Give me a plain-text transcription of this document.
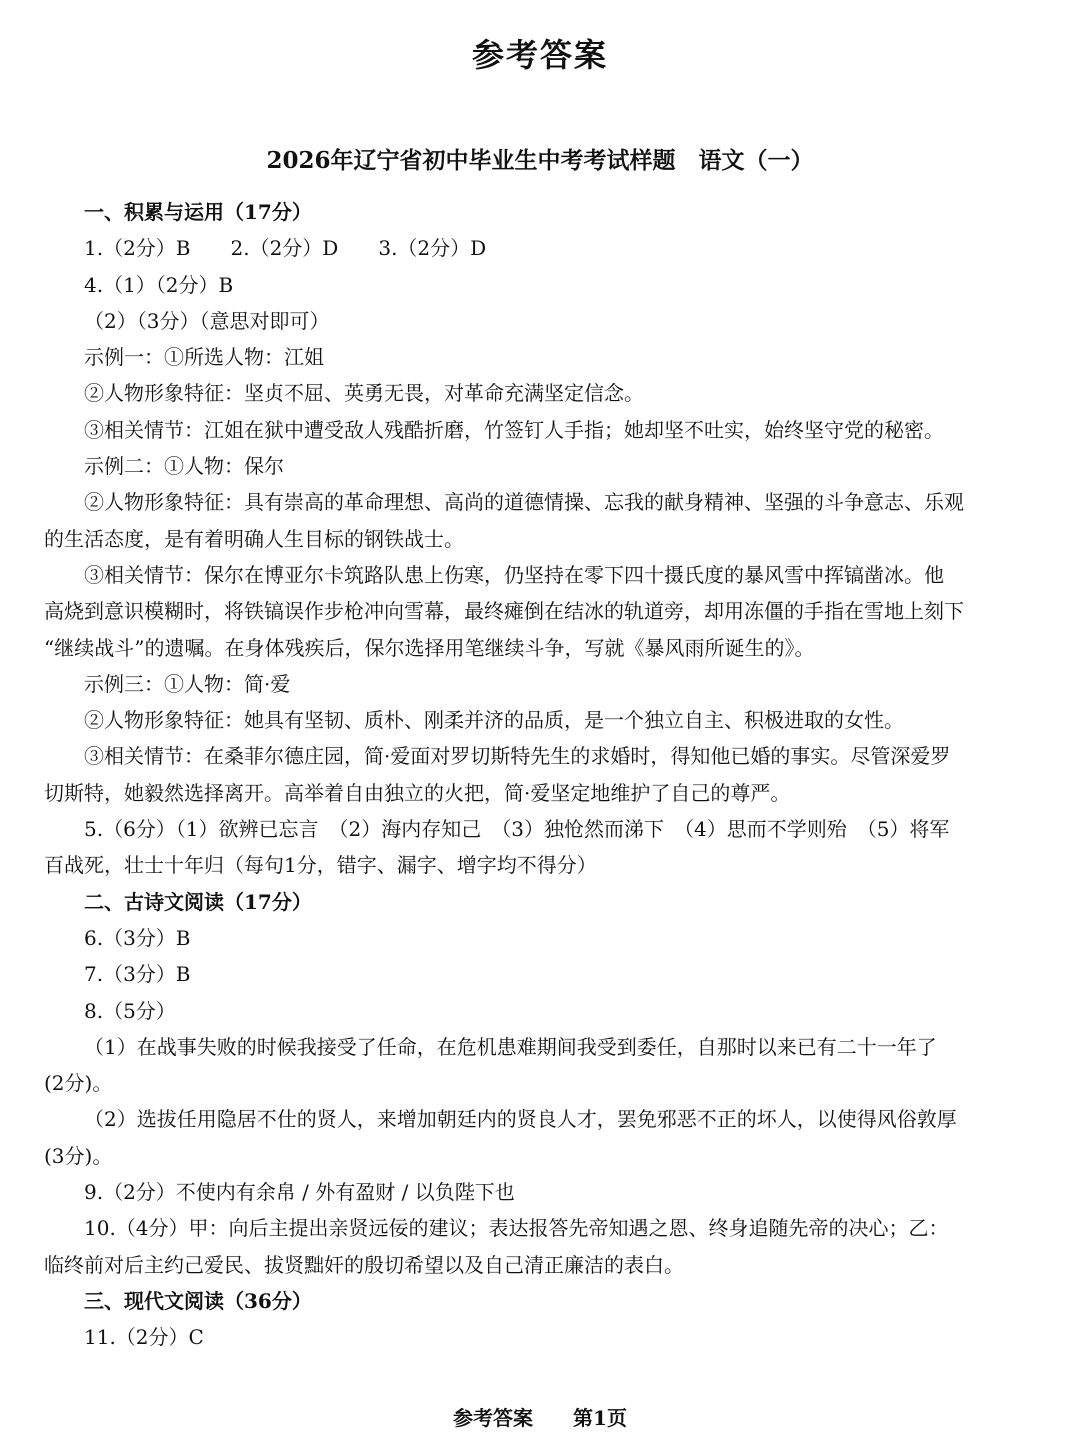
参考答案
2026年辽宁省初中毕业生中考考试样题　语文（一）
一、积累与运用（17分）
1.（2分）B　　2.（2分）D　　3.（2分）D
4.（1）（2分）B
（2）（3分）（意思对即可）
示例一：①所选人物：江姐
②人物形象特征：坚贞不屈、英勇无畏，对革命充满坚定信念。
③相关情节：江姐在狱中遭受敌人残酷折磨，竹签钉人手指；她却坚不吐实，始终坚守党的秘密。
示例二：①人物：保尔
②人物形象特征：具有崇高的革命理想、高尚的道德情操、忘我的献身精神、坚强的斗争意志、乐观
的生活态度，是有着明确人生目标的钢铁战士。
③相关情节：保尔在博亚尔卡筑路队患上伤寒，仍坚持在零下四十摄氏度的暴风雪中挥镐凿冰。他
高烧到意识模糊时，将铁镐误作步枪冲向雪幕，最终瘫倒在结冰的轨道旁，却用冻僵的手指在雪地上刻下
“继续战斗”的遗嘱。在身体残疾后，保尔选择用笔继续斗争，写就《暴风雨所诞生的》。
示例三：①人物：简·爱
②人物形象特征：她具有坚韧、质朴、刚柔并济的品质，是一个独立自主、积极进取的女性。
③相关情节：在桑菲尔德庄园，简·爱面对罗切斯特先生的求婚时，得知他已婚的事实。尽管深爱罗
切斯特，她毅然选择离开。高举着自由独立的火把，简·爱坚定地维护了自己的尊严。
5.（6分）（1）欲辨已忘言　（2）海内存知己　（3）独怆然而涕下　（4）思而不学则殆　（5）将军
百战死，壮士十年归（每句1分，错字、漏字、增字均不得分）
二、古诗文阅读（17分）
6.（3分）B
7.（3分）B
8.（5分）
（1）在战事失败的时候我接受了任命，在危机患难期间我受到委任，自那时以来已有二十一年了
(2分)。
（2）选拔任用隐居不仕的贤人，来增加朝廷内的贤良人才，罢免邪恶不正的坏人，以使得风俗敦厚
(3分)。
9.（2分）不使内有余帛 / 外有盈财 / 以负陛下也
10.（4分）甲：向后主提出亲贤远佞的建议；表达报答先帝知遇之恩、终身追随先帝的决心；乙：
临终前对后主约己爱民、拔贤黜奸的殷切希望以及自己清正廉洁的表白。
三、现代文阅读（36分）
11.（2分）C
参考答案　　第1页
